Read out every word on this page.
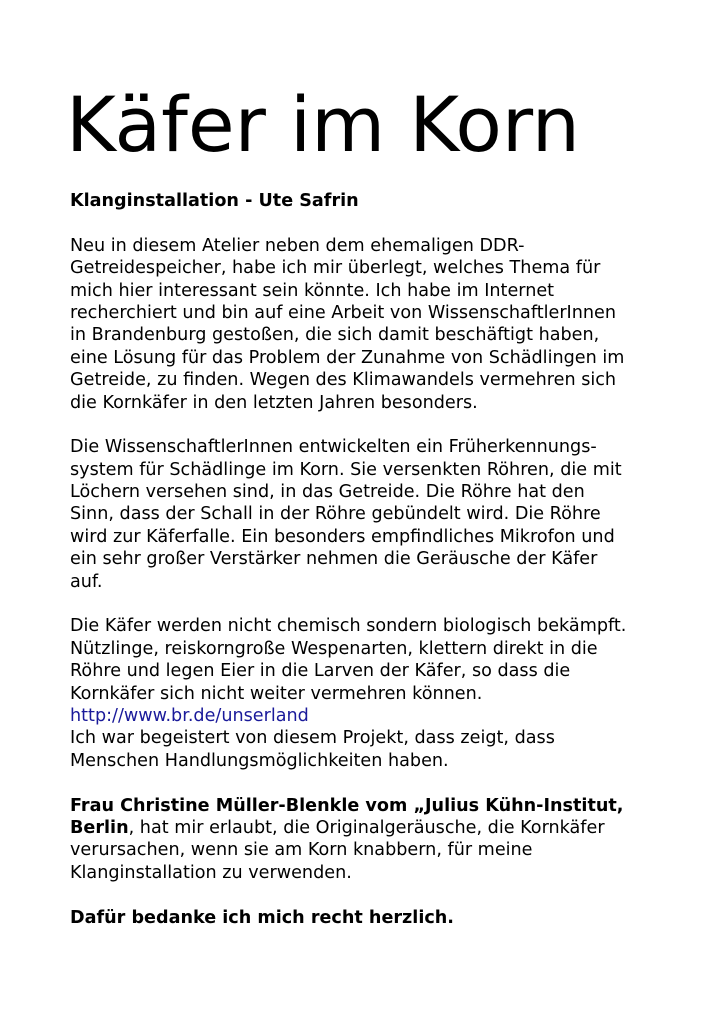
Käfer im Korn
Klanginstallation - Ute Safrin
Neu in diesem Atelier neben dem ehemaligen DDR-
Getreidespeicher, habe ich mir überlegt, welches Thema für
mich hier interessant sein könnte. Ich habe im Internet
recherchiert und bin auf eine Arbeit von WissenschaftlerInnen
in Brandenburg gestoßen, die sich damit beschäftigt haben,
eine Lösung für das Problem der Zunahme von Schädlingen im
Getreide, zu finden. Wegen des Klimawandels vermehren sich
die Kornkäfer in den letzten Jahren besonders.
Die WissenschaftlerInnen entwickelten ein Früherkennungs-
system für Schädlinge im Korn. Sie versenkten Röhren, die mit
Löchern versehen sind, in das Getreide. Die Röhre hat den
Sinn, dass der Schall in der Röhre gebündelt wird. Die Röhre
wird zur Käferfalle. Ein besonders empfindliches Mikrofon und
ein sehr großer Verstärker nehmen die Geräusche der Käfer
auf.
Die Käfer werden nicht chemisch sondern biologisch bekämpft.
Nützlinge, reiskorngroße Wespenarten, klettern direkt in die
Röhre und legen Eier in die Larven der Käfer, so dass die
Kornkäfer sich nicht weiter vermehren können.
http://www.br.de/unserland
Ich war begeistert von diesem Projekt, dass zeigt, dass
Menschen Handlungsmöglichkeiten haben.
Frau Christine Müller-Blenkle vom „Julius Kühn-Institut,
Berlin, hat mir erlaubt, die Originalgeräusche, die Kornkäfer
verursachen, wenn sie am Korn knabbern, für meine
Klanginstallation zu verwenden.
Dafür bedanke ich mich recht herzlich.
